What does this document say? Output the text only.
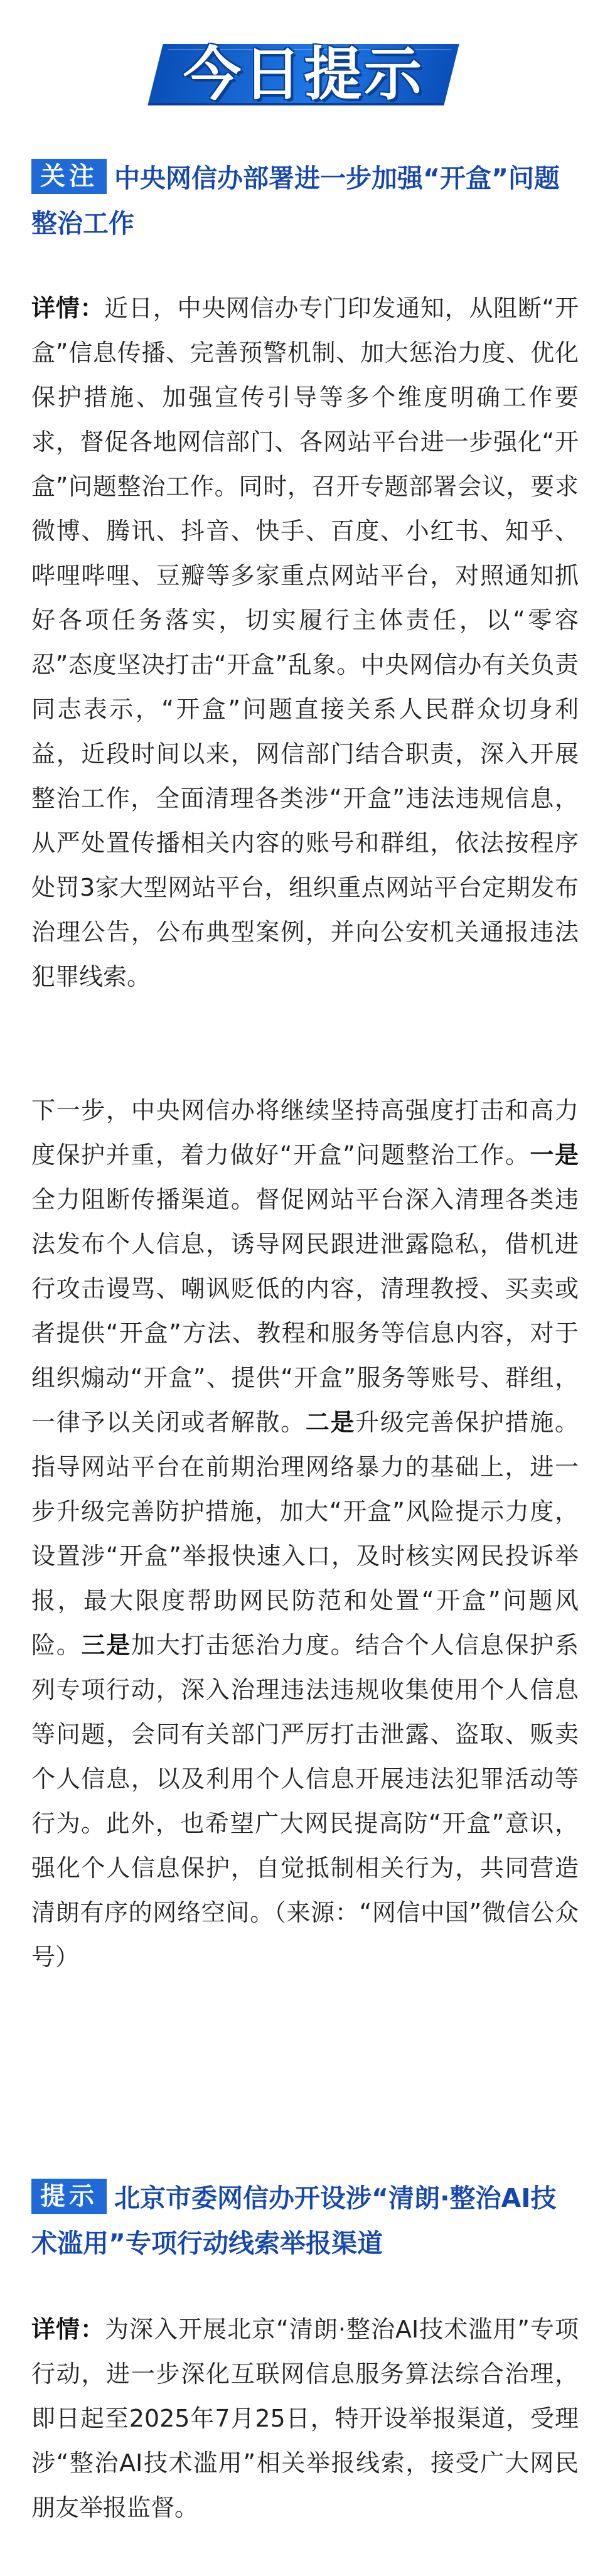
今日提示
关注 中央网信办部署进一步加强“开盒”问题整治工作
详情：近日，中央网信办专门印发通知，从阻断“开盒”信息传播、完善预警机制、加大惩治力度、优化保护措施、加强宣传引导等多个维度明确工作要求，督促各地网信部门、各网站平台进一步强化“开盒”问题整治工作。同时，召开专题部署会议，要求微博、腾讯、抖音、快手、百度、小红书、知乎、哔哩哔哩、豆瓣等多家重点网站平台，对照通知抓好各项任务落实，切实履行主体责任，以“零容忍”态度坚决打击“开盒”乱象。中央网信办有关负责同志表示，“开盒”问题直接关系人民群众切身利益，近段时间以来，网信部门结合职责，深入开展整治工作，全面清理各类涉“开盒”违法违规信息，从严处置传播相关内容的账号和群组，依法按程序处罚3家大型网站平台，组织重点网站平台定期发布治理公告，公布典型案例，并向公安机关通报违法犯罪线索。
下一步，中央网信办将继续坚持高强度打击和高力度保护并重，着力做好“开盒”问题整治工作。一是全力阻断传播渠道。督促网站平台深入清理各类违法发布个人信息，诱导网民跟进泄露隐私，借机进行攻击谩骂、嘲讽贬低的内容，清理教授、买卖或者提供“开盒”方法、教程和服务等信息内容，对于组织煽动“开盒”、提供“开盒”服务等账号、群组，一律予以关闭或者解散。二是升级完善保护措施。指导网站平台在前期治理网络暴力的基础上，进一步升级完善防护措施，加大“开盒”风险提示力度，设置涉“开盒”举报快速入口，及时核实网民投诉举报，最大限度帮助网民防范和处置“开盒”问题风险。三是加大打击惩治力度。结合个人信息保护系列专项行动，深入治理违法违规收集使用个人信息等问题，会同有关部门严厉打击泄露、盗取、贩卖个人信息，以及利用个人信息开展违法犯罪活动等行为。此外，也希望广大网民提高防“开盒”意识，强化个人信息保护，自觉抵制相关行为，共同营造清朗有序的网络空间。（来源：“网信中国”微信公众号）
提示 北京市委网信办开设涉“清朗·整治AI技术滥用”专项行动线索举报渠道
详情：为深入开展北京“清朗·整治AI技术滥用”专项行动，进一步深化互联网信息服务算法综合治理，即日起至2025年7月25日，特开设举报渠道，受理涉“整治AI技术滥用”相关举报线索，接受广大网民朋友举报监督。
